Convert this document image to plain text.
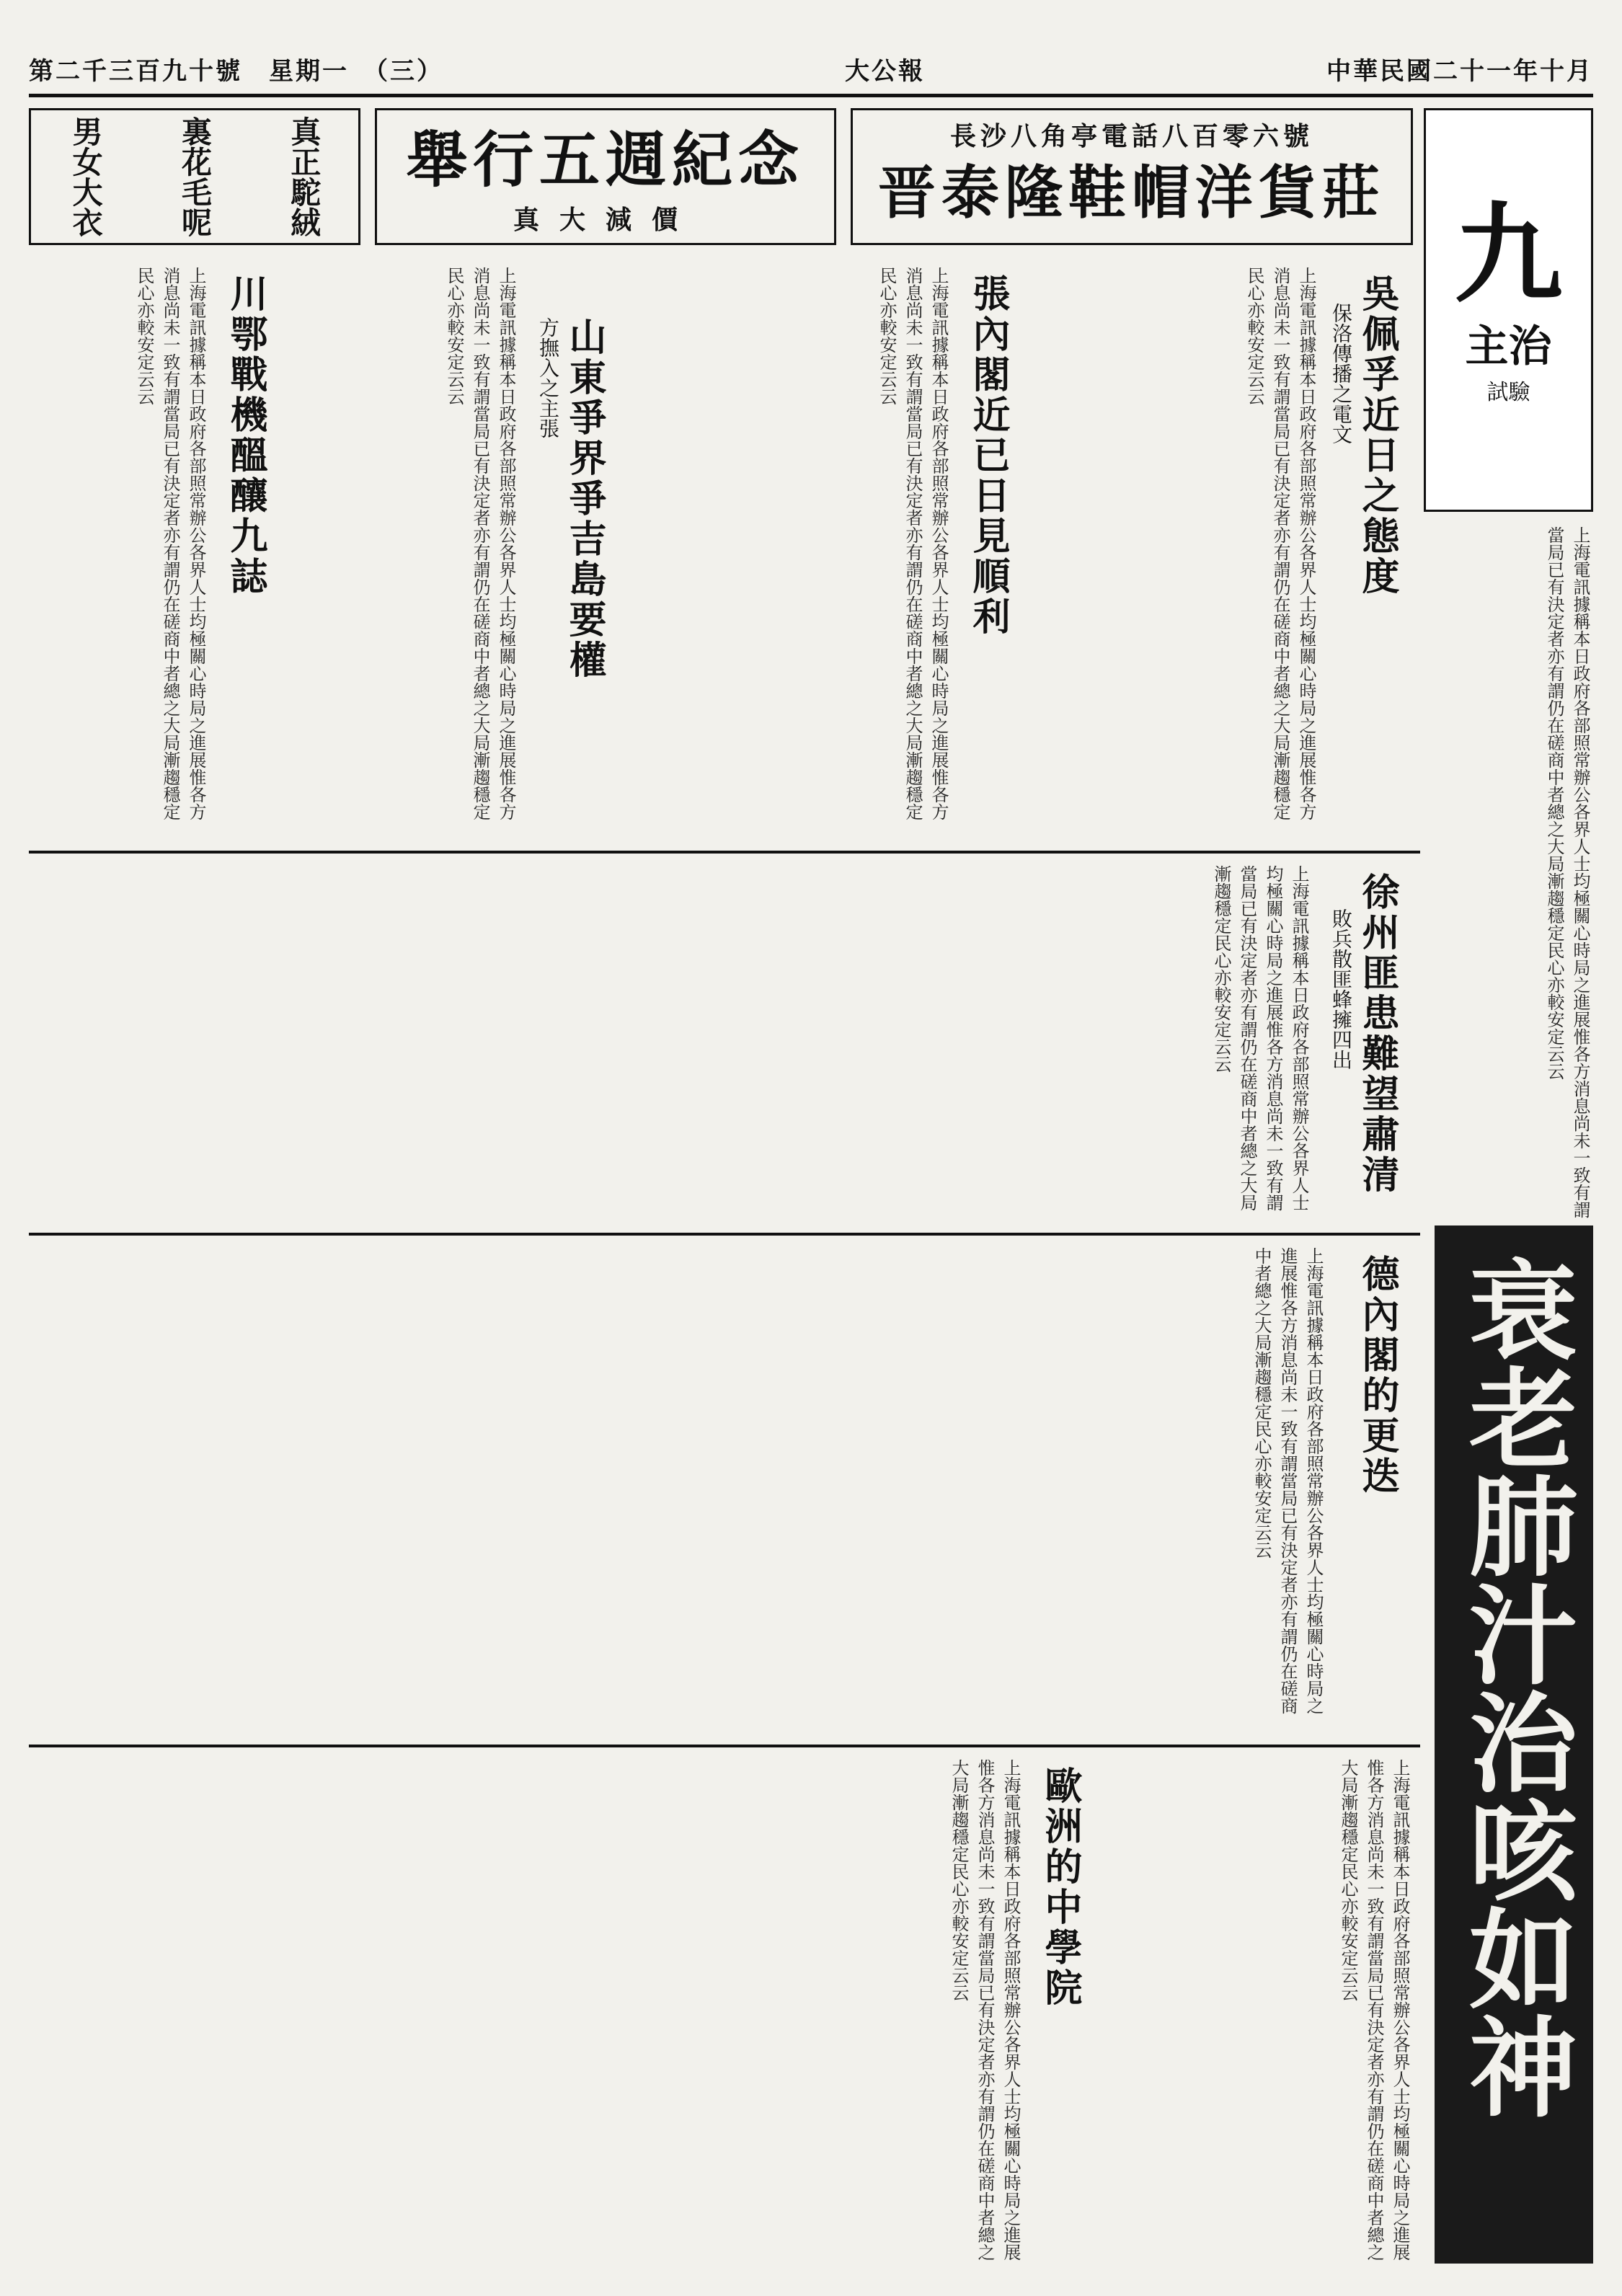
第二千三百九十號　星期一　（三）	大公報	中華民國二十一年十月
長沙八角亭電話八百零六號
晋泰隆鞋帽洋貨莊
舉行五週紀念
真大減價
真正駝絨
裏花毛呢
男女大衣
九
主治
試驗
吳佩孚近日之態度
保洛傳播之電文
上海電訊據稱本日政府各部照常辦公各界人士均極關心時局之進展惟各方消息尚未一致有謂當局已有決定者亦有謂仍在磋商中者總之大局漸趨穩定民心亦較安定云云
張內閣近已日見順利
上海電訊據稱本日政府各部照常辦公各界人士均極關心時局之進展惟各方消息尚未一致有謂當局已有決定者亦有謂仍在磋商中者總之大局漸趨穩定民心亦較安定云云
山東爭界爭吉島要權
方撫入之主張
上海電訊據稱本日政府各部照常辦公各界人士均極關心時局之進展惟各方消息尚未一致有謂當局已有決定者亦有謂仍在磋商中者總之大局漸趨穩定民心亦較安定云云
川鄂戰機醞釀九誌
上海電訊據稱本日政府各部照常辦公各界人士均極關心時局之進展惟各方消息尚未一致有謂當局已有決定者亦有謂仍在磋商中者總之大局漸趨穩定民心亦較安定云云
上海電訊據稱本日政府各部照常辦公各界人士均極關心時局之進展惟各方消息尚未一致有謂當局已有決定者亦有謂仍在磋商中者總之大局漸趨穩定民心亦較安定云云
徐州匪患難望肅清
敗兵散匪蜂擁四出
上海電訊據稱本日政府各部照常辦公各界人士均極關心時局之進展惟各方消息尚未一致有謂當局已有決定者亦有謂仍在磋商中者總之大局漸趨穩定民心亦較安定云云
德內閣的更迭
上海電訊據稱本日政府各部照常辦公各界人士均極關心時局之進展惟各方消息尚未一致有謂當局已有決定者亦有謂仍在磋商中者總之大局漸趨穩定民心亦較安定云云
歐洲的中學院
上海電訊據稱本日政府各部照常辦公各界人士均極關心時局之進展惟各方消息尚未一致有謂當局已有決定者亦有謂仍在磋商中者總之大局漸趨穩定民心亦較安定云云	上海電訊據稱本日政府各部照常辦公各界人士均極關心時局之進展惟各方消息尚未一致有謂當局已有決定者亦有謂仍在磋商中者總之大局漸趨穩定民心亦較安定云云 衰老肺汁治咳如神
